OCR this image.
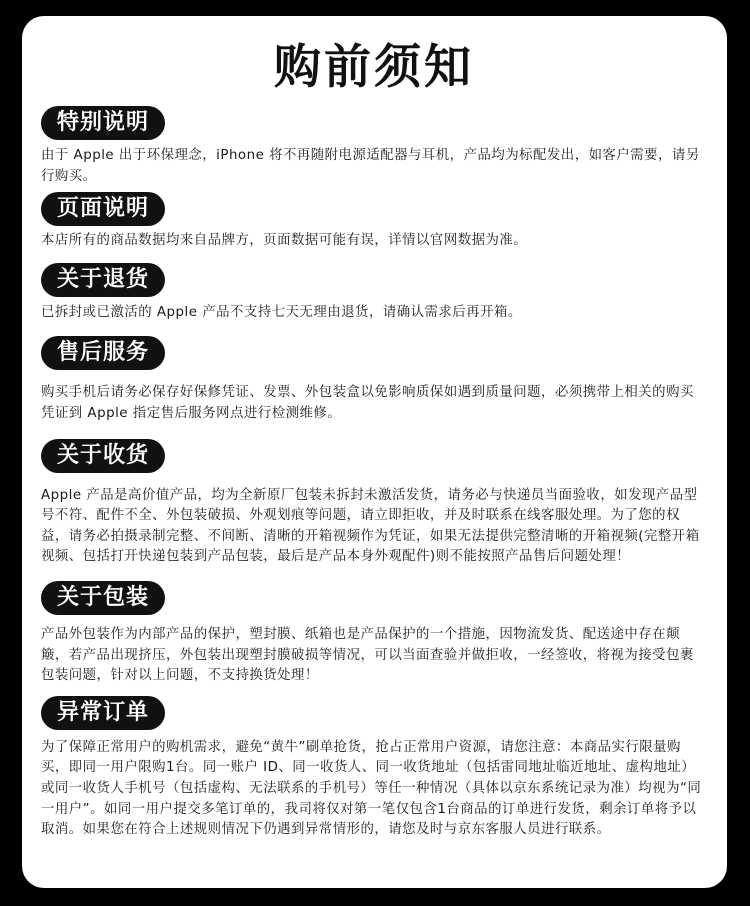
购前须知
特别说明

由于 Apple 出于环保理念，iPhone 将不再随附电源适配器与耳机，产品均为标配发出，如客户需要，请另行购买。

页面说明

本店所有的商品数据均来自品牌方，页面数据可能有误，详情以官网数据为准。

关于退货

已拆封或已激活的 Apple 产品不支持七天无理由退货，请确认需求后再开箱。

售后服务

购买手机后请务必保存好保修凭证、发票、外包装盒以免影响质保如遇到质量问题，必须携带上相关的购买凭证到 Apple 指定售后服务网点进行检测维修。

关于收货

Apple 产品是高价值产品，均为全新原厂包装未拆封未激活发货，请务必与快递员当面验收，如发现产品型号不符、配件不全、外包装破损、外观划痕等问题，请立即拒收，并及时联系在线客服处理。为了您的权益，请务必拍摄录制完整、不间断、清晰的开箱视频作为凭证，如果无法提供完整清晰的开箱视频(完整开箱视频、包括打开快递包装到产品包装，最后是产品本身外观配件)则不能按照产品售后问题处理！

关于包装

产品外包装作为内部产品的保护，塑封膜、纸箱也是产品保护的一个措施，因物流发货、配送途中存在颠簸，若产品出现挤压，外包装出现塑封膜破损等情况，可以当面查验并做拒收，一经签收，将视为接受包裹包装问题，针对以上问题，不支持换货处理！

异常订单

为了保障正常用户的购机需求，避免“黄牛”刷单抢货，抢占正常用户资源，请您注意：本商品实行限量购买，即同一用户限购1台。同一账户 ID、同一收货人、同一收货地址（包括雷同地址临近地址、虚构地址）或同一收货人手机号（包括虚构、无法联系的手机号）等任一种情况（具体以京东系统记录为准）均视为“同一用户”。如同一用户提交多笔订单的，我司将仅对第一笔仅包含1台商品的订单进行发货，剩余订单将予以取消。如果您在符合上述规则情况下仍遇到异常情形的，请您及时与京东客服人员进行联系。
